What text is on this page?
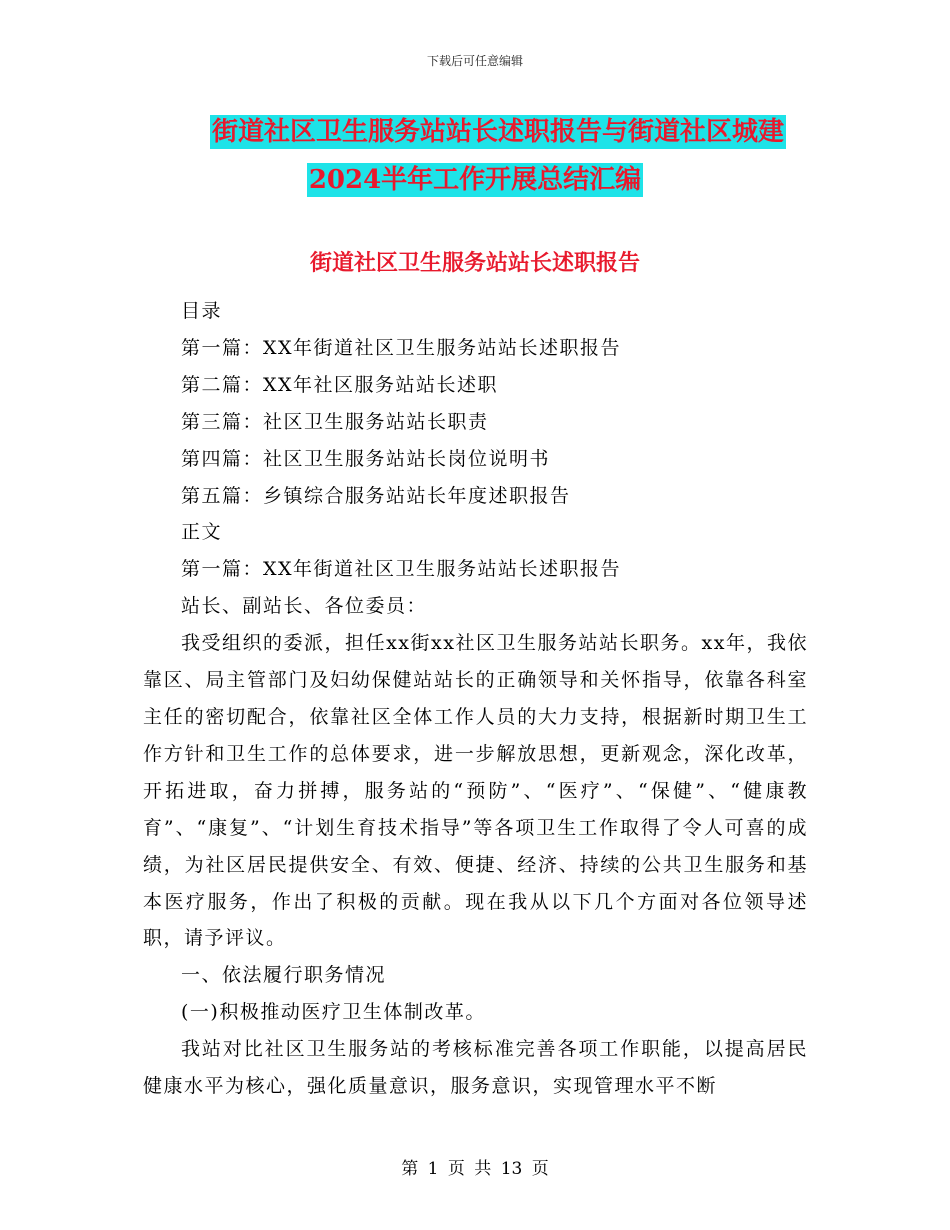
下载后可任意编辑
街道社区卫生服务站站长述职报告与街道社区城建
2024半年工作开展总结汇编
街道社区卫生服务站站长述职报告

目录

第一篇：XX年街道社区卫生服务站站长述职报告

第二篇：XX年社区服务站站长述职

第三篇：社区卫生服务站站长职责

第四篇：社区卫生服务站站长岗位说明书

第五篇：乡镇综合服务站站长年度述职报告

正文

第一篇：XX年街道社区卫生服务站站长述职报告

站长、副站长、各位委员：

我受组织的委派，担任xx街xx社区卫生服务站站长职务。xx年，我依靠区、局主管部门及妇幼保健站站长的正确领导和关怀指导，依靠各科室主任的密切配合，依靠社区全体工作人员的大力支持，根据新时期卫生工作方针和卫生工作的总体要求，进一步解放思想，更新观念，深化改革，开拓进取，奋力拼搏，服务站的“预防”、“医疗”、“保健”、“健康教育”、“康复”、“计划生育技术指导”等各项卫生工作取得了令人可喜的成绩，为社区居民提供安全、有效、便捷、经济、持续的公共卫生服务和基本医疗服务，作出了积极的贡献。现在我从以下几个方面对各位领导述职，请予评议。

一、依法履行职务情况

(一)积极推动医疗卫生体制改革。

我站对比社区卫生服务站的考核标准完善各项工作职能，以提高居民健康水平为核心，强化质量意识，服务意识，实现管理水平不断

第 1 页 共 13 页
